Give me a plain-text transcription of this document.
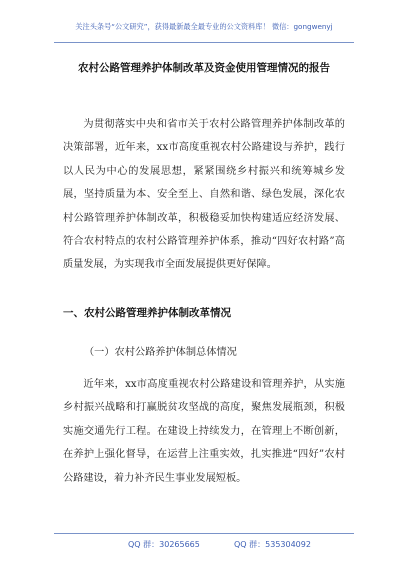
关注头条号“公文研究”，获得最新最全最专业的公文资料库！ 微信：gongwenyj
农村公路管理养护体制改革及资金使用管理情况的报告

为贯彻落实中央和省市关于农村公路管理养护体制改革的决策部署，近年来，xx市高度重视农村公路建设与养护，践行以人民为中心的发展思想，紧紧围绕乡村振兴和统筹城乡发展，坚持质量为本、安全至上、自然和谐、绿色发展，深化农村公路管理养护体制改革，积极稳妥加快构建适应经济发展、符合农村特点的农村公路管理养护体系，推动“四好农村路”高质量发展，为实现我市全面发展提供更好保障。

一、农村公路管理养护体制改革情况
（一）农村公路养护体制总体情况

近年来，xx市高度重视农村公路建设和管理养护，从实施乡村振兴战略和打赢脱贫攻坚战的高度，聚焦发展瓶颈，积极实施交通先行工程。在建设上持续发力，在管理上不断创新，在养护上强化督导，在运营上注重实效，扎实推进“四好”农村公路建设，着力补齐民生事业发展短板。

QQ 群：30265665	QQ 群：535304092
